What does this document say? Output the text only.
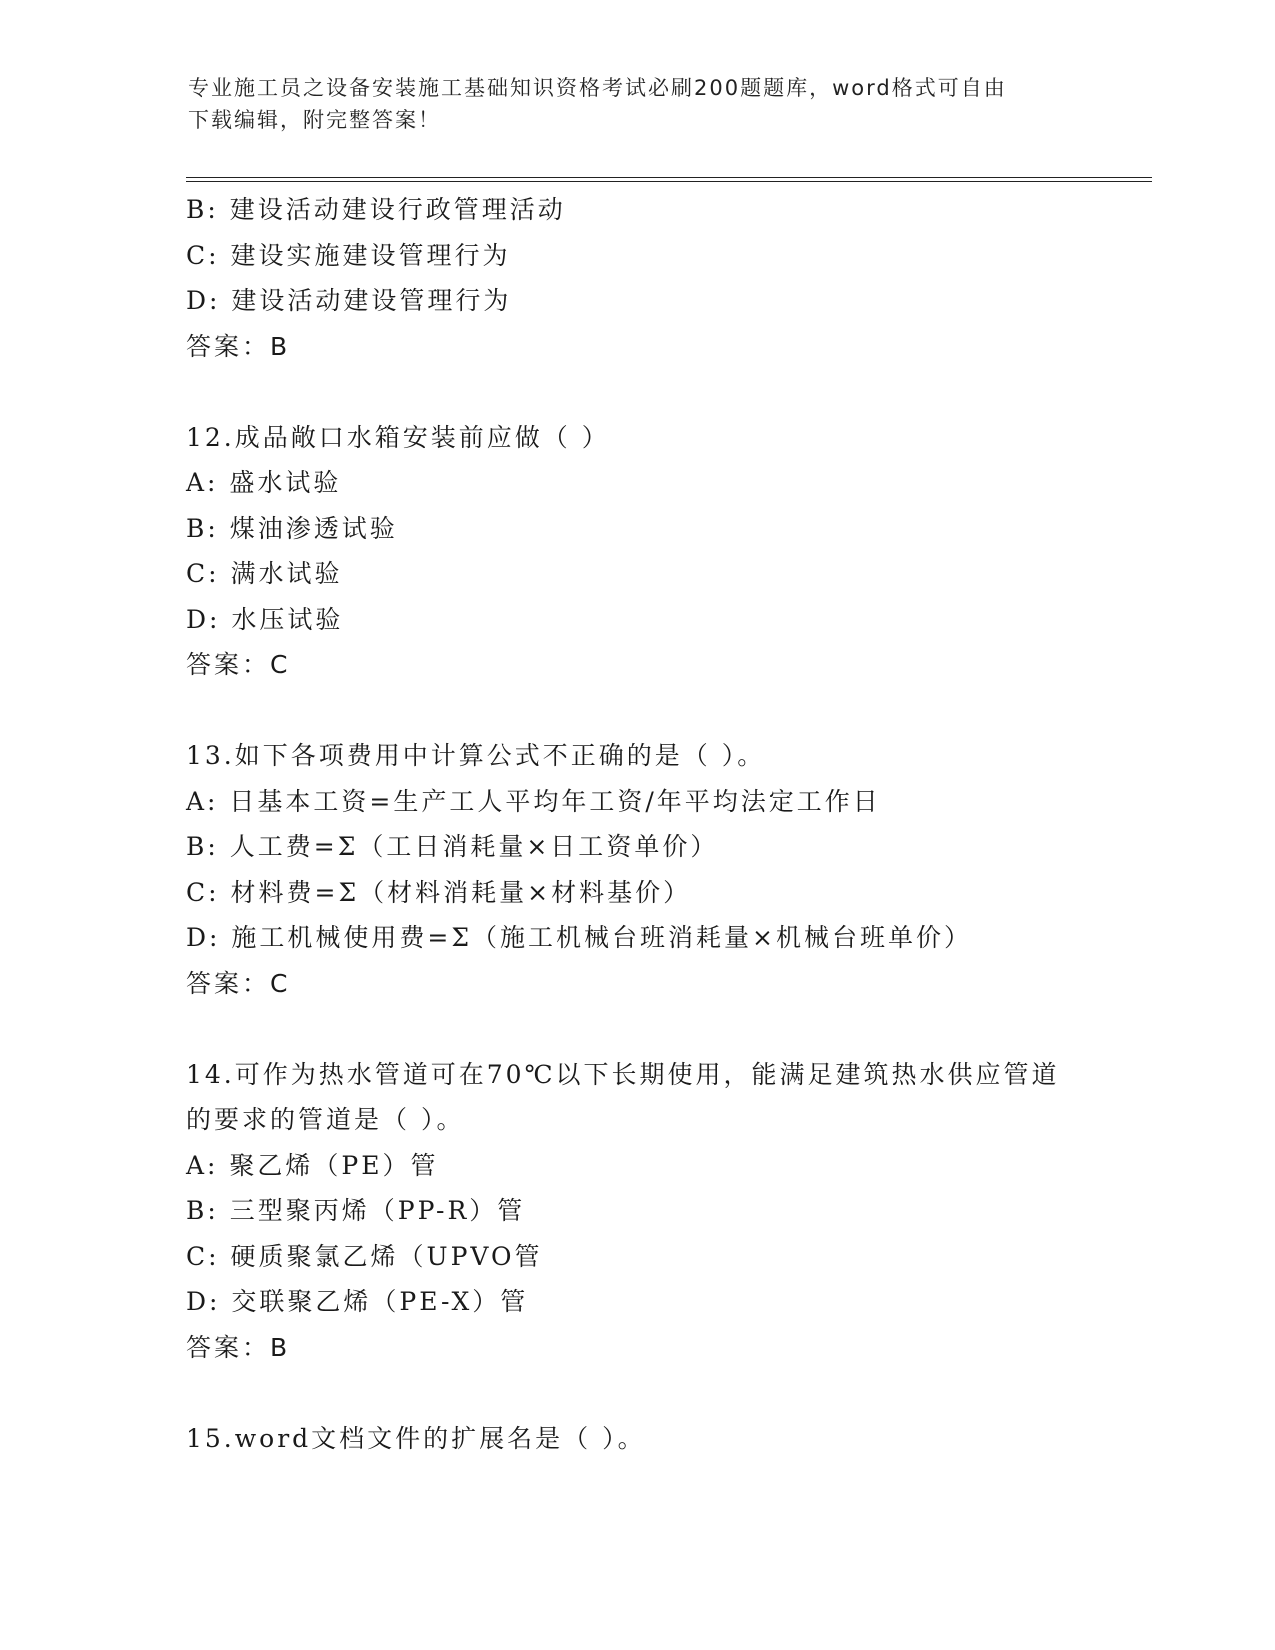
专业施工员之设备安装施工基础知识资格考试必刷200题题库，word格式可自由
下载编辑，附完整答案！
B: 建设活动建设行政管理活动
C: 建设实施建设管理行为
D: 建设活动建设管理行为
答案：B
12.成品敞口水箱安装前应做（ ）
A: 盛水试验
B: 煤油渗透试验
C: 满水试验
D: 水压试验
答案：C
13.如下各项费用中计算公式不正确的是（ ）。
A: 日基本工资=生产工人平均年工资/年平均法定工作日
B: 人工费=Σ（工日消耗量×日工资单价）
C: 材料费=Σ（材料消耗量×材料基价）
D: 施工机械使用费=Σ（施工机械台班消耗量×机械台班单价）
答案：C
14.可作为热水管道可在70℃以下长期使用，能满足建筑热水供应管道
的要求的管道是（ ）。
A: 聚乙烯（PE）管
B: 三型聚丙烯（PP-R）管
C: 硬质聚氯乙烯（UPVO管
D: 交联聚乙烯（PE-X）管
答案：B
15.word文档文件的扩展名是（ ）。
